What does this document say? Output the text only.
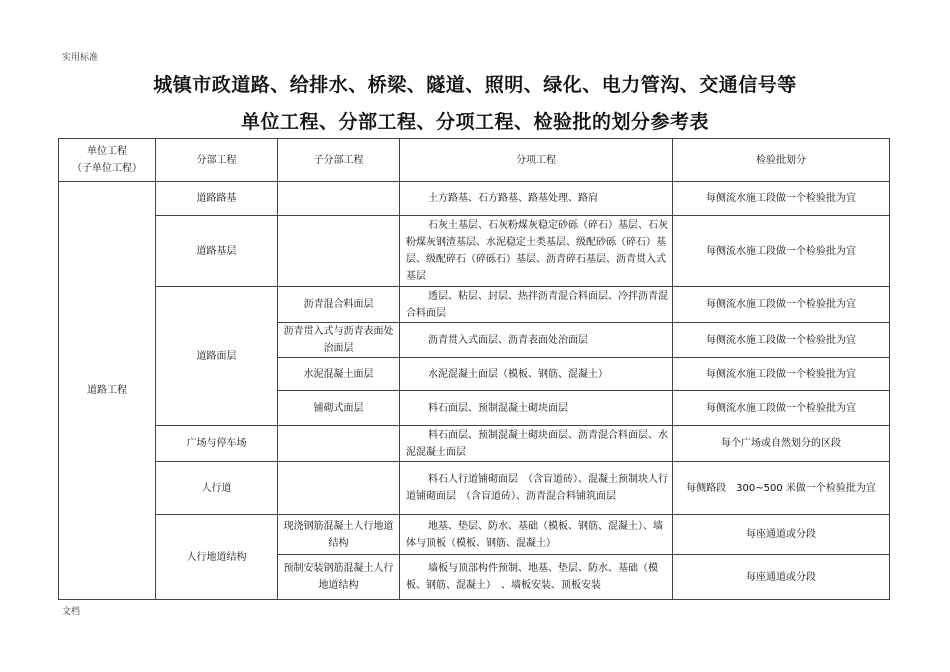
实用标准
城镇市政道路、给排水、桥梁、隧道、照明、绿化、电力管沟、交通信号等
单位工程、分部工程、分项工程、检验批的划分参考表
单位工程
（子单位工程）	分部工程	子分部工程	分项工程	检验批划分
道路工程	道路路基		土方路基、石方路基、路基处理、路肩	每侧流水施工段做一个检验批为宜
	道路基层		石灰土基层、石灰粉煤灰稳定砂砾（碎石）基层、石灰粉煤灰钢渣基层、水泥稳定土类基层、级配砂砾（碎石）基层、级配碎石（碎砾石）基层、沥青碎石基层、沥青贯入式基层	每侧流水施工段做一个检验批为宜
	道路面层	沥青混合料面层	透层、粘层、封层、热拌沥青混合料面层、冷拌沥青混合料面层	每侧流水施工段做一个检验批为宜
		沥青贯入式与沥青表面处治面层	沥青贯入式面层、沥青表面处治面层	每侧流水施工段做一个检验批为宜
		水泥混凝土面层	水泥混凝土面层（模板、钢筋、混凝土）	每侧流水施工段做一个检验批为宜
		铺砌式面层	料石面层、预制混凝土砌块面层	每侧流水施工段做一个检验批为宜
	广场与停车场		料石面层、预制混凝土砌块面层、沥青混合料面层、水泥混凝土面层	每个广场或自然划分的区段
	人行道		料石人行道铺砌面层　（含盲道砖）、混凝土预制块人行道铺砌面层　（含盲道砖）、沥青混合料铺筑面层	每侧路段　300~500 米做一个检验批为宜
	人行地道结构	现浇钢筋混凝土人行地道结构	地基、垫层、防水、基础（模板、钢筋、混凝土）、墙体与顶板（模板、钢筋、混凝土）	每座通道或分段
		预制安装钢筋混凝土人行地道结构	墙板与顶部构件预制、地基、垫层、防水、基础（模板、钢筋、混凝土）　、墙板安装、顶板安装	每座通道或分段
文档
